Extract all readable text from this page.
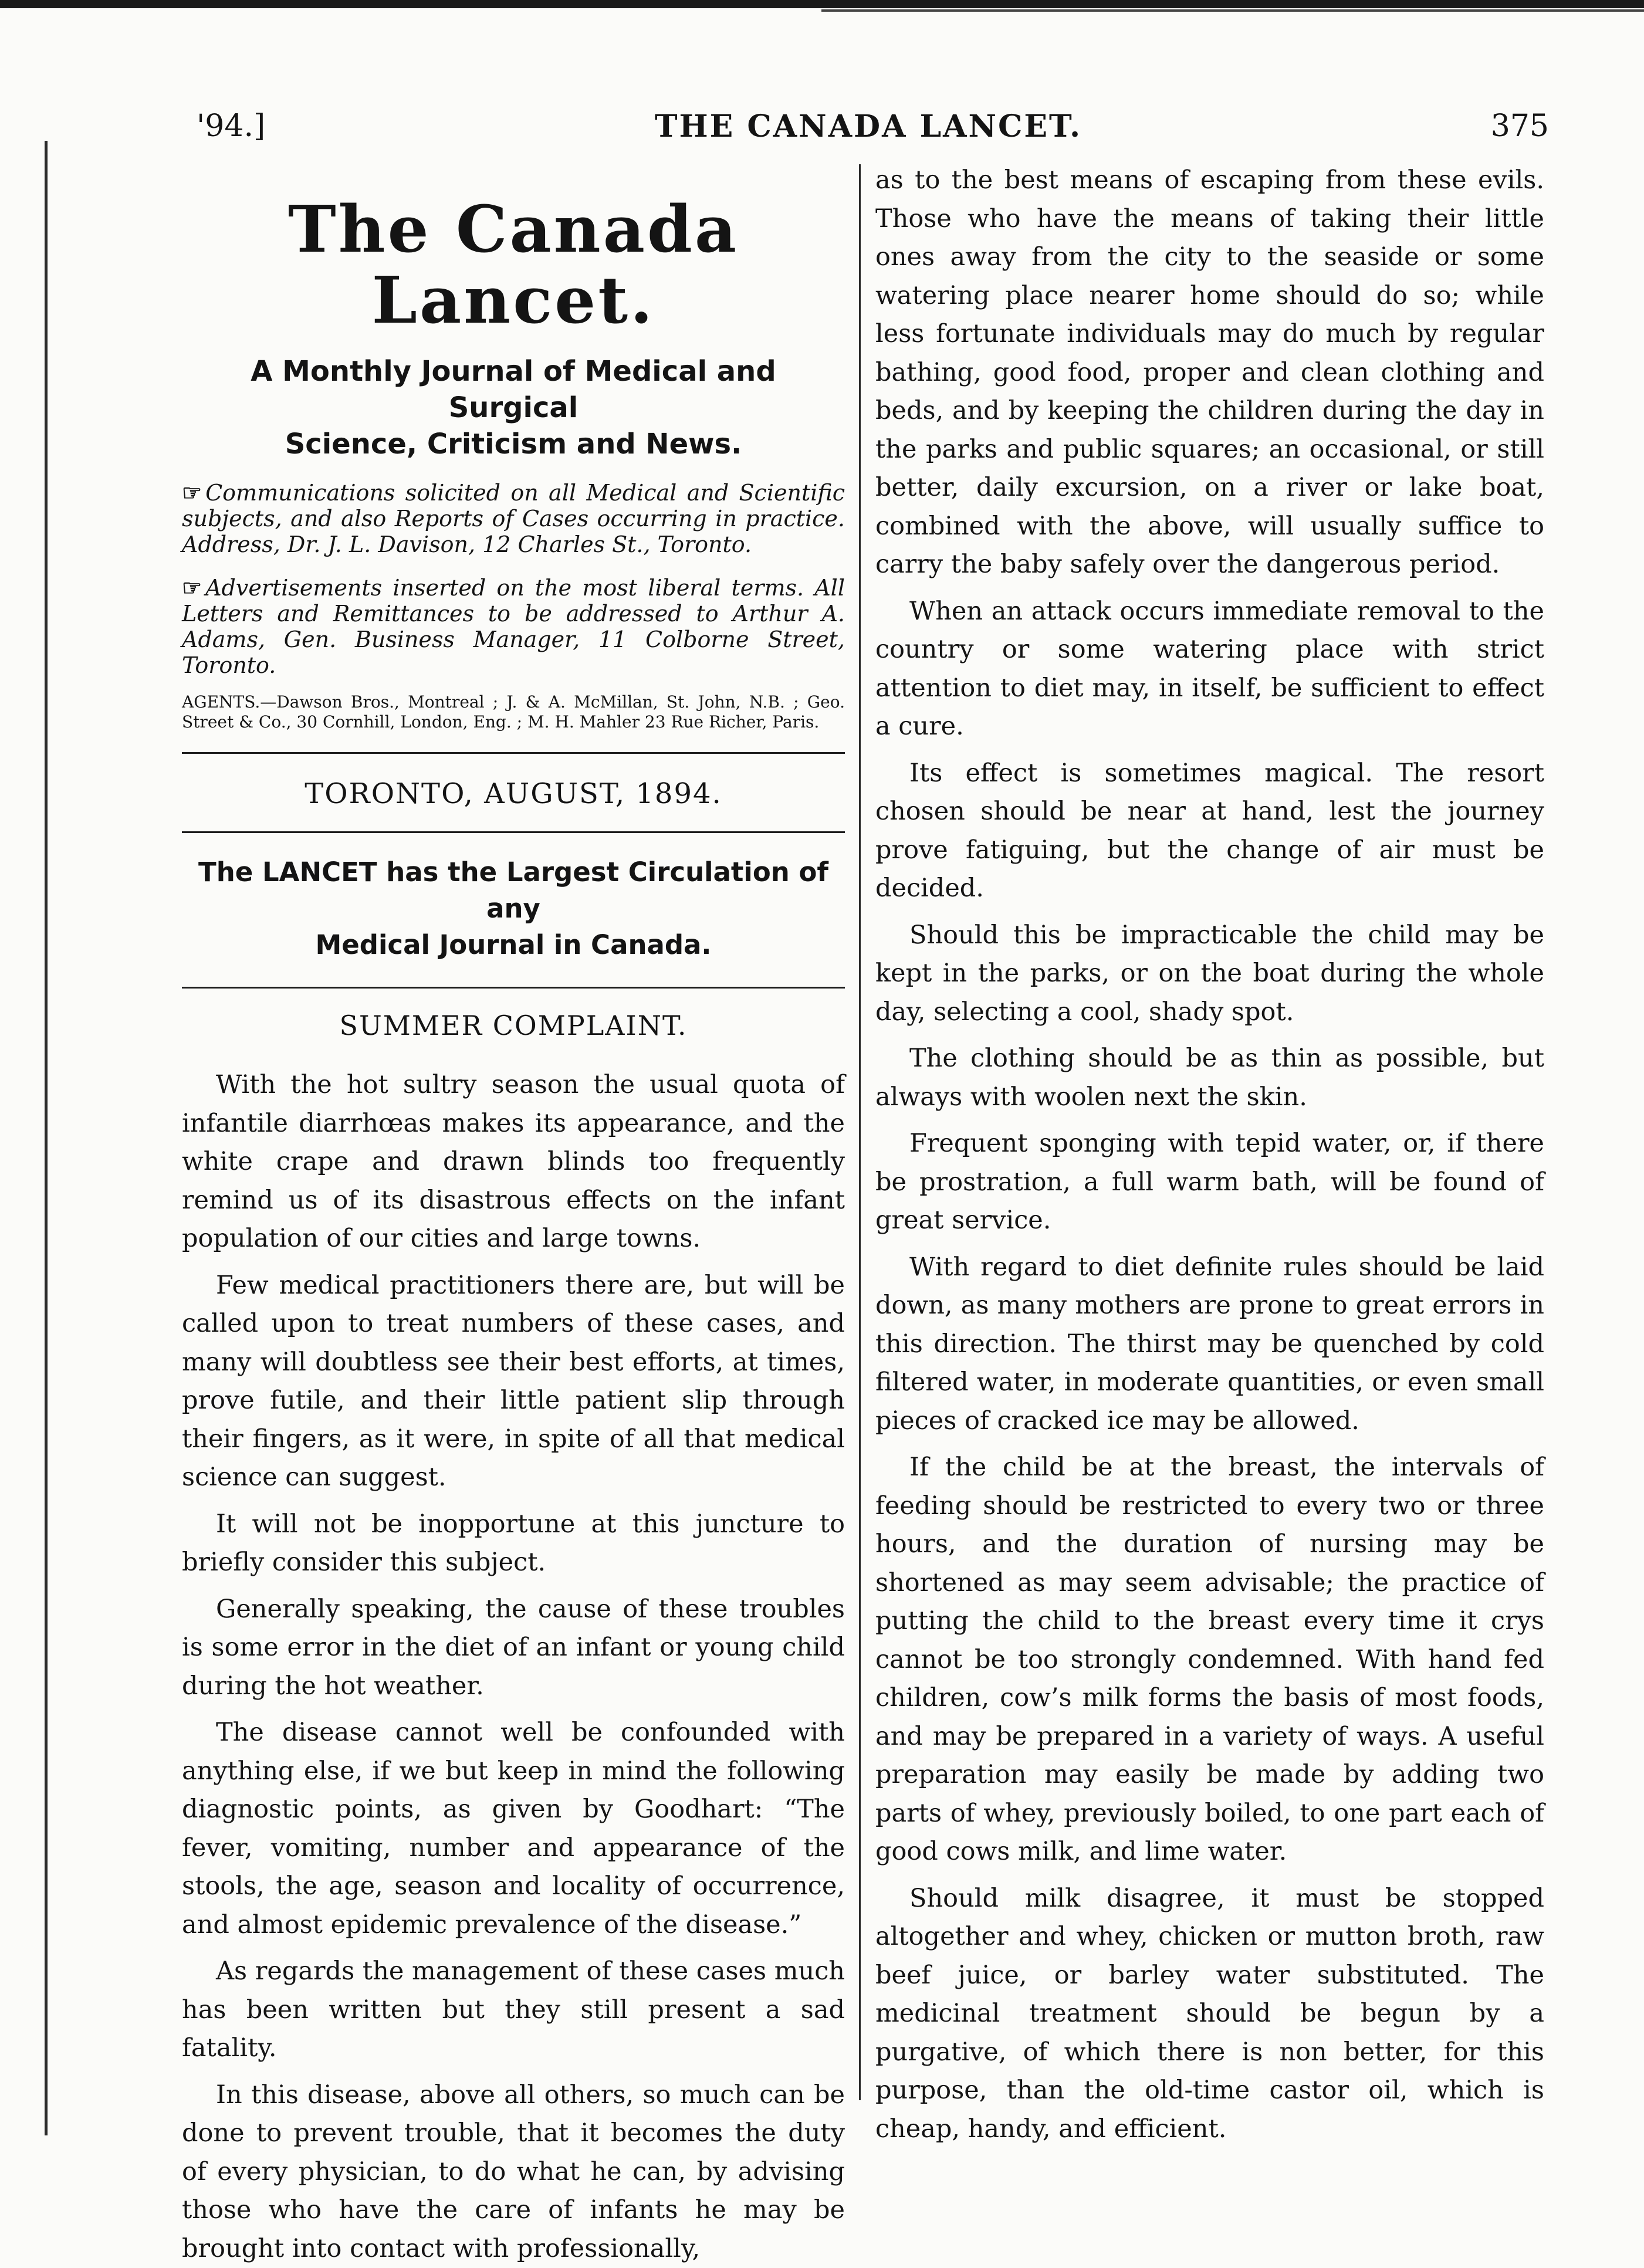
'94.]	THE CANADA LANCET.	375
The Canada Lancet.
A Monthly Journal of Medical and Surgical
Science, Criticism and News.
☞ Communications solicited on all Medical and Scientific subjects, and also Reports of Cases occurring in practice. Address, Dr. J. L. Davison, 12 Charles St., Toronto.
☞ Advertisements inserted on the most liberal terms. All Letters and Remittances to be addressed to Arthur A. Adams, Gen. Business Manager, 11 Colborne Street, Toronto.
AGENTS.—Dawson Bros., Montreal ; J. & A. McMillan, St. John, N.B. ; Geo. Street & Co., 30 Cornhill, London, Eng. ; M. H. Mahler 23 Rue Richer, Paris.
TORONTO, AUGUST, 1894.
The LANCET has the Largest Circulation of any
Medical Journal in Canada.
SUMMER COMPLAINT.

With the hot sultry season the usual quota of infantile diarrhœas makes its appearance, and the white crape and drawn blinds too frequently remind us of its disastrous effects on the infant population of our cities and large towns.

Few medical practitioners there are, but will be called upon to treat numbers of these cases, and many will doubtless see their best efforts, at times, prove futile, and their little patient slip through their fingers, as it were, in spite of all that medical science can suggest.

It will not be inopportune at this juncture to briefly consider this subject.

Generally speaking, the cause of these troubles is some error in the diet of an infant or young child during the hot weather.

The disease cannot well be confounded with anything else, if we but keep in mind the following diagnostic points, as given by Goodhart: “The fever, vomiting, number and appearance of the stools, the age, season and locality of occurrence, and almost epidemic prevalence of the disease.”

As regards the management of these cases much has been written but they still present a sad fatality.

In this disease, above all others, so much can be done to prevent trouble, that it becomes the duty of every physician, to do what he can, by advising those who have the care of infants he may be brought into contact with professionally,

as to the best means of escaping from these evils. Those who have the means of taking their little ones away from the city to the seaside or some watering place nearer home should do so; while less fortunate individuals may do much by regular bathing, good food, proper and clean clothing and beds, and by keeping the children during the day in the parks and public squares; an occasional, or still better, daily excursion, on a river or lake boat, combined with the above, will usually suffice to carry the baby safely over the dangerous period.

When an attack occurs immediate removal to the country or some watering place with strict attention to diet may, in itself, be sufficient to effect a cure.

Its effect is sometimes magical. The resort chosen should be near at hand, lest the journey prove fatiguing, but the change of air must be decided.

Should this be impracticable the child may be kept in the parks, or on the boat during the whole day, selecting a cool, shady spot.

The clothing should be as thin as possible, but always with woolen next the skin.

Frequent sponging with tepid water, or, if there be prostration, a full warm bath, will be found of great service.

With regard to diet definite rules should be laid down, as many mothers are prone to great errors in this direction. The thirst may be quenched by cold filtered water, in moderate quantities, or even small pieces of cracked ice may be allowed.

If the child be at the breast, the intervals of feeding should be restricted to every two or three hours, and the duration of nursing may be shortened as may seem advisable; the practice of putting the child to the breast every time it crys cannot be too strongly condemned. With hand fed children, cow’s milk forms the basis of most foods, and may be prepared in a variety of ways. A useful preparation may easily be made by adding two parts of whey, previously boiled, to one part each of good cows milk, and lime water.

Should milk disagree, it must be stopped altogether and whey, chicken or mutton broth, raw beef juice, or barley water substituted. The medicinal treatment should be begun by a purgative, of which there is non better, for this purpose, than the old-time castor oil, which is cheap, handy, and efficient.
